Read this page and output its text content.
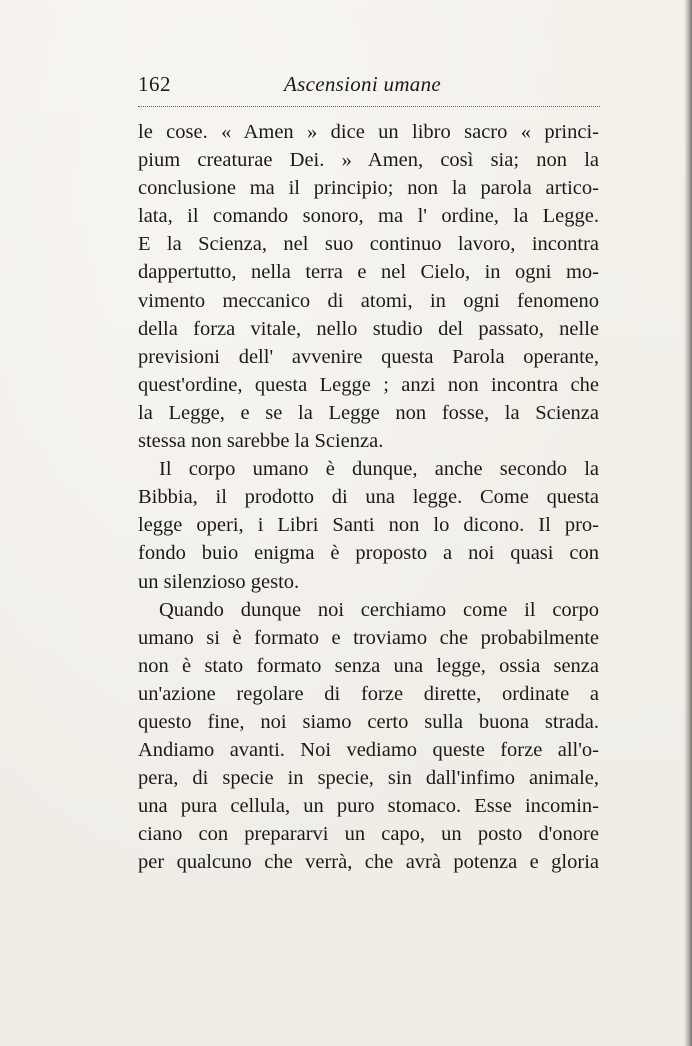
162	Ascensioni umane
le cose. « Amen » dice un libro sacro « princi-
pium creaturae Dei. » Amen, così sia; non la
conclusione ma il principio; non la parola artico-
lata, il comando sonoro, ma l' ordine, la Legge.
E la Scienza, nel suo continuo lavoro, incontra
dappertutto, nella terra e nel Cielo, in ogni mo-
vimento meccanico di atomi, in ogni fenomeno
della forza vitale, nello studio del passato, nelle
previsioni dell' avvenire questa Parola operante,
quest'ordine, questa Legge ; anzi non incontra che
la Legge, e se la Legge non fosse, la Scienza
stessa non sarebbe la Scienza.
Il corpo umano è dunque, anche secondo la
Bibbia, il prodotto di una legge. Come questa
legge operi, i Libri Santi non lo dicono. Il pro-
fondo buio enigma è proposto a noi quasi con
un silenzioso gesto.
Quando dunque noi cerchiamo come il corpo
umano si è formato e troviamo che probabilmente
non è stato formato senza una legge, ossia senza
un'azione regolare di forze dirette, ordinate a
questo fine, noi siamo certo sulla buona strada.
Andiamo avanti. Noi vediamo queste forze all'o-
pera, di specie in specie, sin dall'infimo animale,
una pura cellula, un puro stomaco. Esse incomin-
ciano con prepararvi un capo, un posto d'onore
per qualcuno che verrà, che avrà potenza e gloria
